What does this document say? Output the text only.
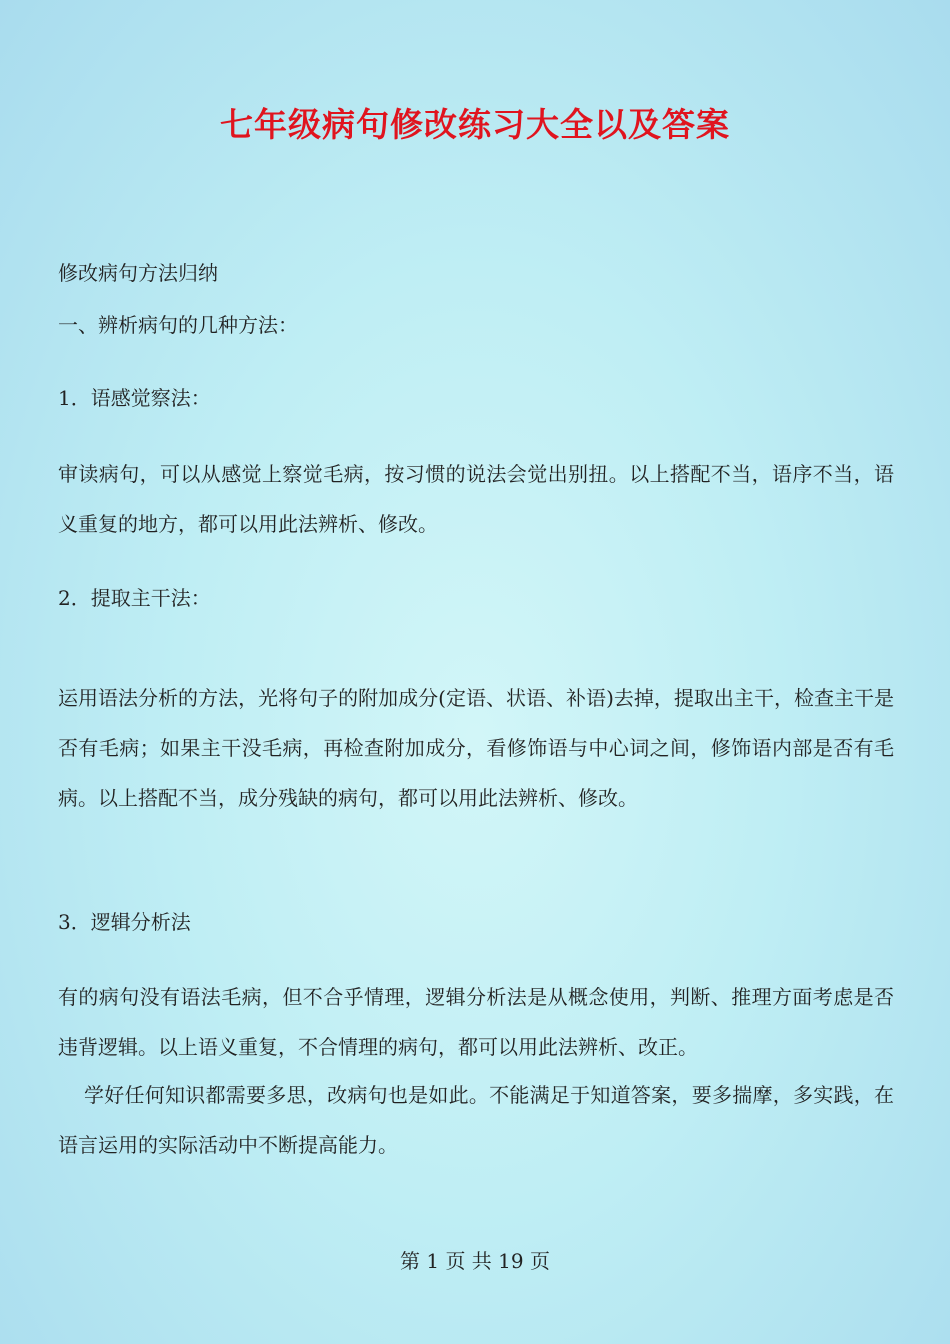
七年级病句修改练习大全以及答案

修改病句方法归纳

一、辨析病句的几种方法：

1．语感觉察法：

审读病句，可以从感觉上察觉毛病，按习惯的说法会觉出别扭。以上搭配不当，语序不当，语义重复的地方，都可以用此法辨析、修改。

2．提取主干法：

运用语法分析的方法，光将句子的附加成分(定语、状语、补语)去掉，提取出主干，检查主干是否有毛病；如果主干没毛病，再检查附加成分，看修饰语与中心词之间，修饰语内部是否有毛病。以上搭配不当，成分残缺的病句，都可以用此法辨析、修改。

3．逻辑分析法

有的病句没有语法毛病，但不合乎情理，逻辑分析法是从概念使用，判断、推理方面考虑是否违背逻辑。以上语义重复，不合情理的病句，都可以用此法辨析、改正。

学好任何知识都需要多思，改病句也是如此。不能满足于知道答案，要多揣摩，多实践，在语言运用的实际活动中不断提高能力。

第 1 页 共 19 页
